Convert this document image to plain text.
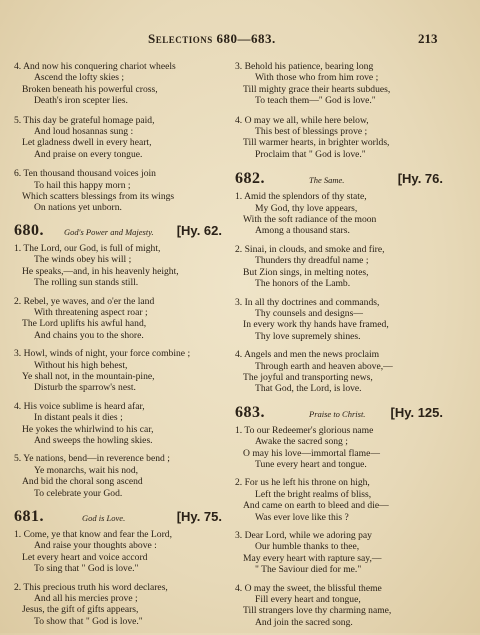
Selections 680—683.	213
4. And now his conquering chariot wheels
Ascend the lofty skies ;
Broken beneath his powerful cross,
Death's iron scepter lies.
5. This day be grateful homage paid,
And loud hosannas sung :
Let gladness dwell in every heart,
And praise on every tongue.
6. Ten thousand thousand voices join
To hail this happy morn ;
Which scatters blessings from its wings
On nations yet unborn.
680. God's Power and Majesty. [Hy. 62.
1. The Lord, our God, is full of might,
The winds obey his will ;
He speaks,—and, in his heavenly height,
The rolling sun stands still.
2. Rebel, ye waves, and o'er the land
With threatening aspect roar ;
The Lord uplifts his awful hand,
And chains you to the shore.
3. Howl, winds of night, your force combine ;
Without his high behest,
Ye shall not, in the mountain-pine,
Disturb the sparrow's nest.
4. His voice sublime is heard afar,
In distant peals it dies ;
He yokes the whirlwind to his car,
And sweeps the howling skies.
5. Ye nations, bend—in reverence bend ;
Ye monarchs, wait his nod,
And bid the choral song ascend
To celebrate your God.
681.	God is Love.	[Hy. 75.
1. Come, ye that know and fear the Lord,
And raise your thoughts above :
Let every heart and voice accord
To sing that " God is love."
2. This precious truth his word declares,
And all his mercies prove ;
Jesus, the gift of gifts appears,
To show that " God is love."
3. Behold his patience, bearing long
With those who from him rove ;
Till mighty grace their hearts subdues,
To teach them—" God is love."
4. O may we all, while here below,
This best of blessings prove ;
Till warmer hearts, in brighter worlds,
Proclaim that " God is love."
682.	The Same.	[Hy. 76.
1. Amid the splendors of thy state,
My God, thy love appears,
With the soft radiance of the moon
Among a thousand stars.
2. Sinai, in clouds, and smoke and fire,
Thunders thy dreadful name ;
But Zion sings, in melting notes,
The honors of the Lamb.
3. In all thy doctrines and commands,
Thy counsels and designs—
In every work thy hands have framed,
Thy love supremely shines.
4. Angels and men the news proclaim
Through earth and heaven above,—
The joyful and transporting news,
That God, the Lord, is love.
683.	Praise to Christ. [Hy. 125.
1. To our Redeemer's glorious name
Awake the sacred song ;
O may his love—immortal flame—
Tune every heart and tongue.
2. For us he left his throne on high,
Left the bright realms of bliss,
And came on earth to bleed and die—
Was ever love like this ?
3. Dear Lord, while we adoring pay
Our humble thanks to thee,
May every heart with rapture say,—
" The Saviour died for me."
4. O may the sweet, the blissful theme
Fill every heart and tongue,
Till strangers love thy charming name,
And join the sacred song.
